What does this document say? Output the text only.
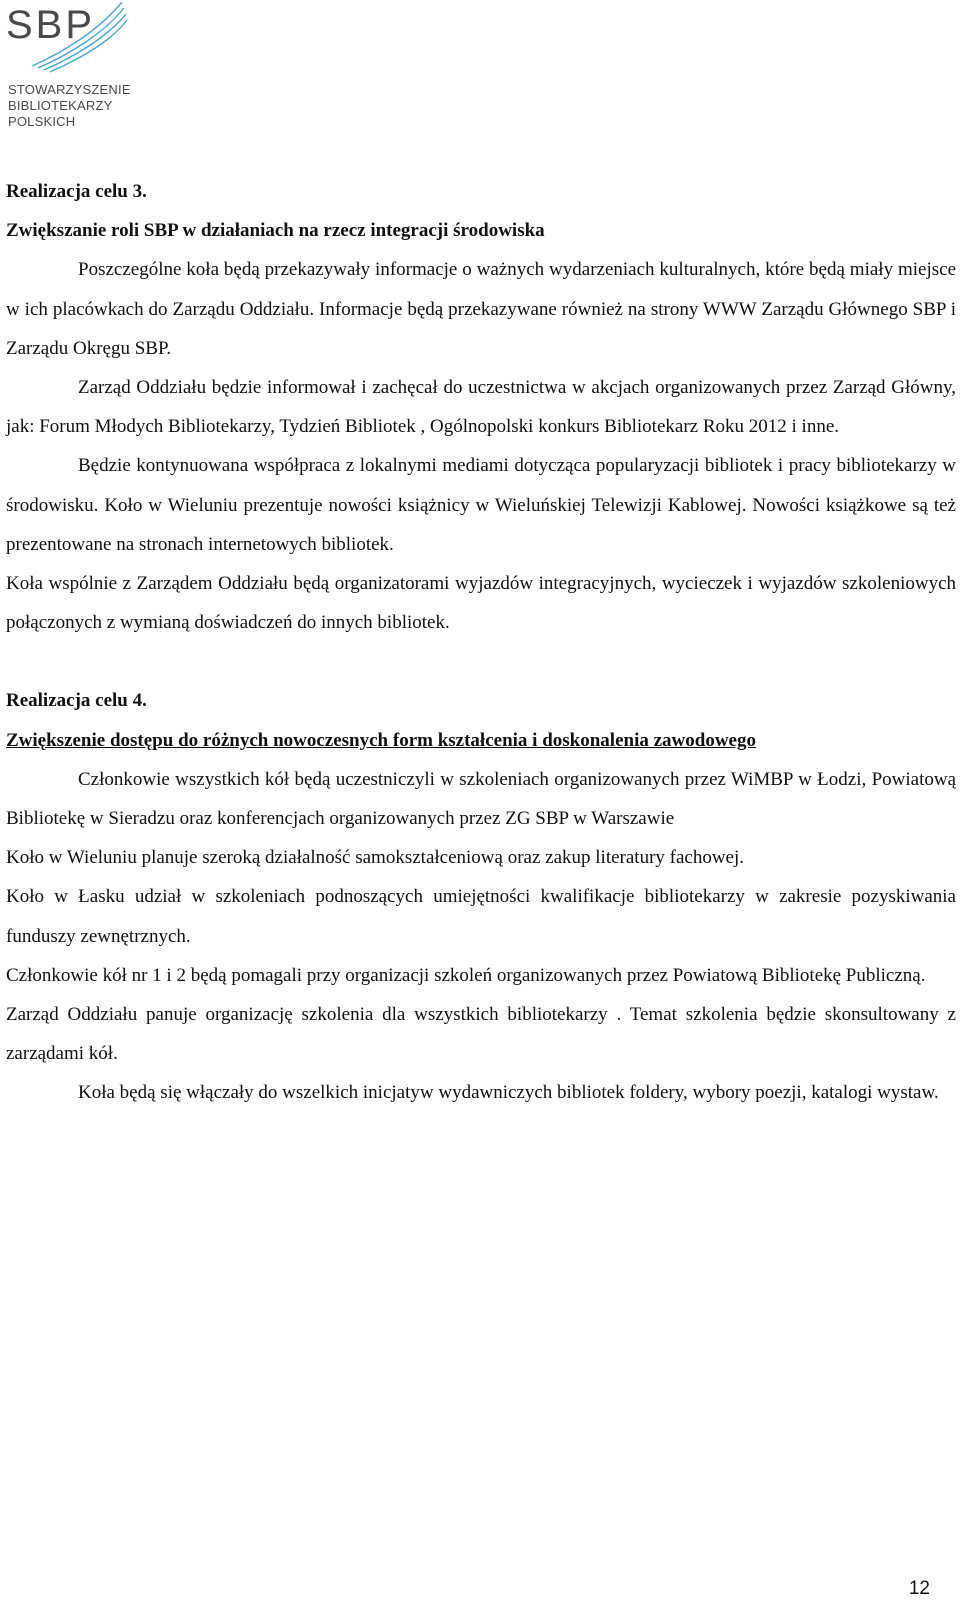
SBP
STOWARZYSZENIE
BIBLIOTEKARZY
POLSKICH

Realizacja celu 3.

Zwiększanie roli SBP w działaniach na rzecz integracji środowiska

Poszczególne koła będą przekazywały informacje o ważnych wydarzeniach kulturalnych, które będą miały miejsce w ich placówkach do Zarządu Oddziału. Informacje będą przekazywane również na strony WWW Zarządu Głównego SBP i Zarządu Okręgu SBP.

Zarząd Oddziału będzie informował i zachęcał do uczestnictwa w akcjach organizowanych przez Zarząd Główny, jak: Forum Młodych Bibliotekarzy, Tydzień Bibliotek , Ogólnopolski konkurs Bibliotekarz Roku 2012 i inne.

Będzie kontynuowana współpraca z lokalnymi mediami dotycząca popularyzacji bibliotek i pracy bibliotekarzy w środowisku. Koło w Wieluniu prezentuje nowości książnicy w Wieluńskiej Telewizji Kablowej. Nowości książkowe są też prezentowane na stronach internetowych bibliotek.

Koła wspólnie z Zarządem Oddziału będą organizatorami wyjazdów integracyjnych, wycieczek i wyjazdów szkoleniowych połączonych z wymianą doświadczeń do innych bibliotek.

Realizacja celu 4.

Zwiększenie dostępu do różnych nowoczesnych form kształcenia i doskonalenia zawodowego

Członkowie wszystkich kół będą uczestniczyli w szkoleniach organizowanych przez WiMBP w Łodzi, Powiatową Bibliotekę w Sieradzu oraz konferencjach organizowanych przez ZG SBP w Warszawie

Koło w Wieluniu planuje szeroką działalność samokształceniową oraz zakup literatury fachowej.

Koło w Łasku udział w szkoleniach podnoszących umiejętności kwalifikacje bibliotekarzy w zakresie pozyskiwania funduszy zewnętrznych.

Członkowie kół nr 1 i 2 będą pomagali przy organizacji szkoleń organizowanych przez Powiatową Bibliotekę Publiczną.

Zarząd Oddziału panuje organizację szkolenia dla wszystkich bibliotekarzy . Temat szkolenia będzie skonsultowany z zarządami kół.

Koła będą się włączały do wszelkich inicjatyw wydawniczych bibliotek foldery, wybory poezji, katalogi wystaw.

12
